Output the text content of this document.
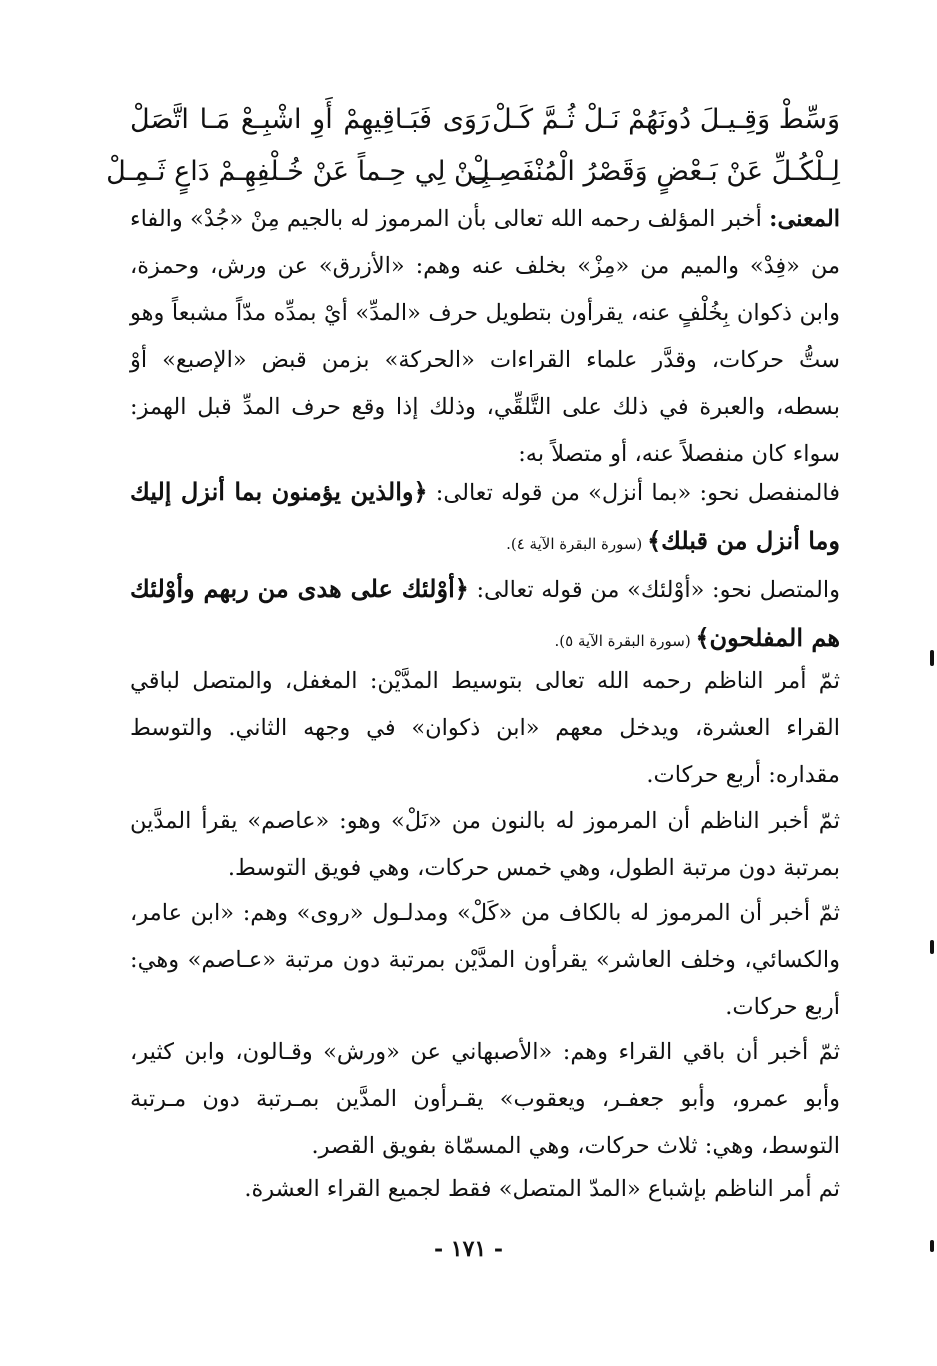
وَسِّطْ وَقِـيـلَ دُونَهُمْ نَـلْ ثُـمَّ كَـلْ
رَوَى فَبَـاقِيهِمْ أَوِ اشْبِـعْ مَـا اتَّصَلْ
لِـلْكُـلِّ عَنْ بَـعْضٍ وَقَصْرُ الْمُنْفَصِـلْ
بِـنْ لِي حِـماً عَنْ خُـلْفِهِـمْ دَاعٍ ثَـمِـلْ

المعنى: أخبر المؤلف رحمه الله تعالى بأن المرموز له بالجيم مِنْ «جُدْ» والفاء من «فِدْ» والميم من «مِزْ» بخلف عنه وهم: «الأزرق» عن ورش، وحمزة، وابن ذكوان بِخُلْفٍ عنه، يقرأون بتطويل حرف «المدِّ» أيْ بمدِّه مدّاً مشبعاً وهو ستُّ حركات، وقدَّر علماء القراءات «الحركة» بزمن قبض «الإصبع» أوْ بسطه، والعبرة في ذلك على التَّلقِّي، وذلك إذا وقع حرف المدِّ قبل الهمز: سواء كان منفصلاً عنه، أو متصلاً به:

فالمنفصل نحو: «بما أنزل» من قوله تعالى: ﴿والذين يؤمنون بما أنزل إليك وما أنزل من قبلك﴾ (سورة البقرة الآية ٤).

والمتصل نحو: «أوْلئك» من قوله تعالى: ﴿أوْلئك على هدى من ربهم وأوْلئك هم المفلحون﴾ (سورة البقرة الآية ٥).

ثمّ أمر الناظم رحمه الله تعالى بتوسيط المدَّيْن: المغفل، والمتصل لباقي القراء العشرة، ويدخل معهم «ابن ذكوان» في وجهه الثاني. والتوسط مقداره: أربع حركات.

ثمّ أخبر الناظم أن المرموز له بالنون من «نَلْ» وهو: «عاصم» يقرأ المدَّين بمرتبة دون مرتبة الطول، وهي خمس حركات، وهي فويق التوسط.

ثمّ أخبر أن المرموز له بالكاف من «كَلْ» ومدلـول «روى» وهم: «ابن عامر، والكسائي، وخلف العاشر» يقرأون المدَّيْن بمرتبة دون مرتبة «عـاصم» وهي: أربع حركات.

ثمّ أخبر أن باقي القراء وهم: «الأصبهاني عن «ورش» وقـالون، وابن كثير، وأبو عمرو، وأبو جعفـر، ويعقوب» يقـرأون المدَّين بمـرتبة دون مـرتبة التوسط، وهي: ثلاث حركات، وهي المسمّاة بفويق القصر.

ثم أمر الناظم بإشباع «المدّ المتصل» فقط لجميع القراء العشرة.

- ١٧١ -
